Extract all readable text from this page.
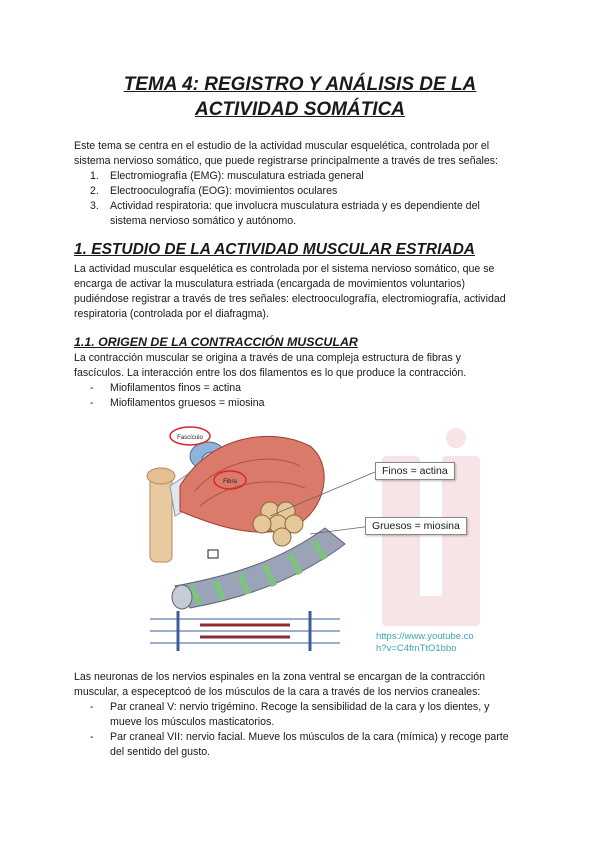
TEMA 4: REGISTRO Y ANÁLISIS DE LA
ACTIVIDAD SOMÁTICA

Este tema se centra en el estudio de la actividad muscular esquelética, controlada por el

sistema nervioso somático, que puede registrarse principalmente a través de tres señales:

1. Electromiografía (EMG): musculatura estriada general

2. Electrooculografía (EOG): movimientos oculares

3. Actividad respiratoria: que involucra musculatura estriada y es dependiente del

sistema nervioso somático y autónomo.

1. ESTUDIO DE LA ACTIVIDAD MUSCULAR ESTRIADA

La actividad muscular esquelética es controlada por el sistema nervioso somático, que se

encarga de activar la musculatura estriada (encargada de movimientos voluntarios)

pudiéndose registrar a través de tres señales: electrooculografía, electromiografía, actividad

respiratoria (controlada por el diafragma).

1.1. ORIGEN DE LA CONTRACCIÓN MUSCULAR

La contracción muscular se origina a través de una compleja estructura de fibras y

fascículos. La interacción entre los dos filamentos es lo que produce la contracción.

- Miofilamentos finos = actina

- Miofilamentos gruesos = miosina

Fascículo
Fibra
Finos = actina
Gruesos = miosina
https://www.youtube.co
h?v=C4fmTtO1bbo

Las neuronas de los nervios espinales en la zona ventral se encargan de la contracción

muscular, a especeptcoó de los músculos de la cara a través de los nervios craneales:

- Par craneal V: nervio trigémino. Recoge la sensibilidad de la cara y los dientes, y

mueve los músculos masticatorios.

- Par craneal VII: nervio facial. Mueve los músculos de la cara (mímica) y recoge parte

del sentido del gusto.
